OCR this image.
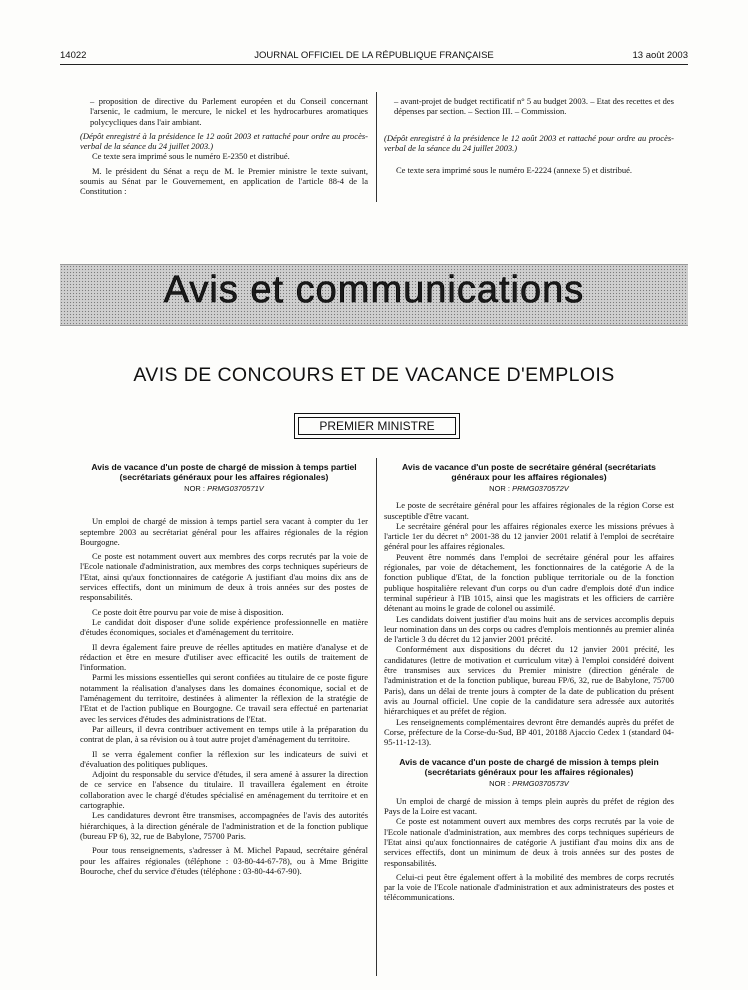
14022	JOURNAL OFFICIEL DE LA RÉPUBLIQUE FRANÇAISE	13 août 2003

– proposition de directive du Parlement européen et du Conseil concernant l'arsenic, le cadmium, le mercure, le nickel et les hydrocarbures aromatiques polycycliques dans l'air ambiant.

(Dépôt enregistré à la présidence le 12 août 2003 et rattaché pour ordre au procès-verbal de la séance du 24 juillet 2003.)

Ce texte sera imprimé sous le numéro E-2350 et distribué.

M. le président du Sénat a reçu de M. le Premier ministre le texte suivant, soumis au Sénat par le Gouvernement, en application de l'article 88-4 de la Constitution :

– avant-projet de budget rectificatif n° 5 au budget 2003. – Etat des recettes et des dépenses par section. – Section III. – Commission.

(Dépôt enregistré à la présidence le 12 août 2003 et rattaché pour ordre au procès-verbal de la séance du 24 juillet 2003.)

Ce texte sera imprimé sous le numéro E-2224 (annexe 5) et distribué.

Avis et communications
AVIS DE CONCOURS ET DE VACANCE D'EMPLOIS
PREMIER MINISTRE
Avis de vacance d'un poste de chargé de mission à temps partiel (secrétariats généraux pour les affaires régionales)
NOR : PRMG0370571V

Un emploi de chargé de mission à temps partiel sera vacant à compter du 1er septembre 2003 au secrétariat général pour les affaires régionales de la région Bourgogne.

Ce poste est notamment ouvert aux membres des corps recrutés par la voie de l'Ecole nationale d'administration, aux membres des corps techniques supérieurs de l'Etat, ainsi qu'aux fonctionnaires de catégorie A justifiant d'au moins dix ans de services effectifs, dont un minimum de deux à trois années sur des postes de responsabilités.

Ce poste doit être pourvu par voie de mise à disposition.

Le candidat doit disposer d'une solide expérience professionnelle en matière d'études économiques, sociales et d'aménagement du territoire.

Il devra également faire preuve de réelles aptitudes en matière d'analyse et de rédaction et être en mesure d'utiliser avec efficacité les outils de traitement de l'information.

Parmi les missions essentielles qui seront confiées au titulaire de ce poste figure notamment la réalisation d'analyses dans les domaines économique, social et de l'aménagement du territoire, destinées à alimenter la réflexion de la stratégie de l'Etat et de l'action publique en Bourgogne. Ce travail sera effectué en partenariat avec les services d'études des administrations de l'Etat.

Par ailleurs, il devra contribuer activement en temps utile à la préparation du contrat de plan, à sa révision ou à tout autre projet d'aménagement du territoire.

Il se verra également confier la réflexion sur les indicateurs de suivi et d'évaluation des politiques publiques.

Adjoint du responsable du service d'études, il sera amené à assurer la direction de ce service en l'absence du titulaire. Il travaillera également en étroite collaboration avec le chargé d'études spécialisé en aménagement du territoire et en cartographie.

Les candidatures devront être transmises, accompagnées de l'avis des autorités hiérarchiques, à la direction générale de l'administration et de la fonction publique (bureau FP 6), 32, rue de Babylone, 75700 Paris.

Pour tous renseignements, s'adresser à M. Michel Papaud, secrétaire général pour les affaires régionales (téléphone : 03-80-44-67-78), ou à Mme Brigitte Bouroche, chef du service d'études (téléphone : 03-80-44-67-90).

Avis de vacance d'un poste de secrétaire général (secrétariats généraux pour les affaires régionales)
NOR : PRMG0370572V

Le poste de secrétaire général pour les affaires régionales de la région Corse est susceptible d'être vacant.

Le secrétaire général pour les affaires régionales exerce les missions prévues à l'article 1er du décret n° 2001-38 du 12 janvier 2001 relatif à l'emploi de secrétaire général pour les affaires régionales.

Peuvent être nommés dans l'emploi de secrétaire général pour les affaires régionales, par voie de détachement, les fonctionnaires de la catégorie A de la fonction publique d'Etat, de la fonction publique territoriale ou de la fonction publique hospitalière relevant d'un corps ou d'un cadre d'emplois doté d'un indice terminal supérieur à l'IB 1015, ainsi que les magistrats et les officiers de carrière détenant au moins le grade de colonel ou assimilé.

Les candidats doivent justifier d'au moins huit ans de services accomplis depuis leur nomination dans un des corps ou cadres d'emplois mentionnés au premier alinéa de l'article 3 du décret du 12 janvier 2001 précité.

Conformément aux dispositions du décret du 12 janvier 2001 précité, les candidatures (lettre de motivation et curriculum vitæ) à l'emploi considéré doivent être transmises aux services du Premier ministre (direction générale de l'administration et de la fonction publique, bureau FP/6, 32, rue de Babylone, 75700 Paris), dans un délai de trente jours à compter de la date de publication du présent avis au Journal officiel. Une copie de la candidature sera adressée aux autorités hiérarchiques et au préfet de région.

Les renseignements complémentaires devront être demandés auprès du préfet de Corse, préfecture de la Corse-du-Sud, BP 401, 20188 Ajaccio Cedex 1 (standard 04-95-11-12-13).

Avis de vacance d'un poste de chargé de mission à temps plein (secrétariats généraux pour les affaires régionales)
NOR : PRMG0370573V

Un emploi de chargé de mission à temps plein auprès du préfet de région des Pays de la Loire est vacant.

Ce poste est notamment ouvert aux membres des corps recrutés par la voie de l'Ecole nationale d'administration, aux membres des corps techniques supérieurs de l'Etat ainsi qu'aux fonctionnaires de catégorie A justifiant d'au moins dix ans de services effectifs, dont un minimum de deux à trois années sur des postes de responsabilités.

Celui-ci peut être également offert à la mobilité des membres de corps recrutés par la voie de l'Ecole nationale d'administration et aux administrateurs des postes et télécommunications.
